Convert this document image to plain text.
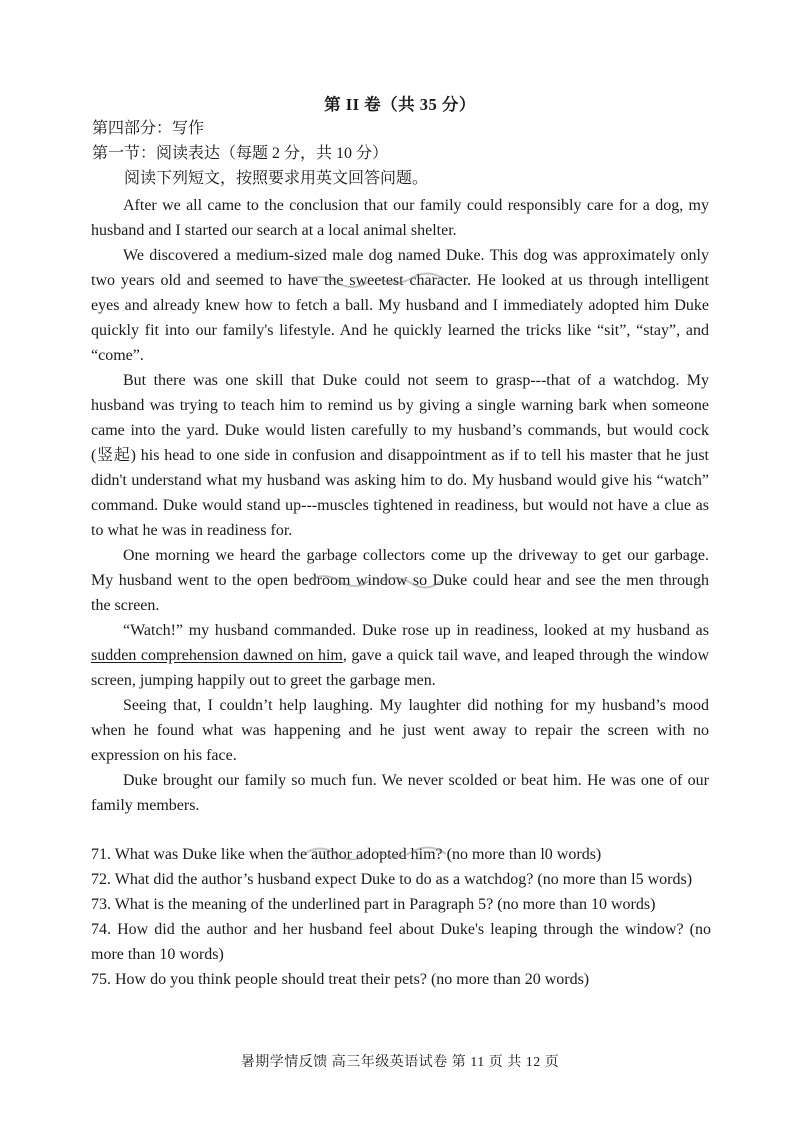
第 II 卷（共 35 分）
第四部分：写作
第一节：阅读表达（每题 2 分，共 10 分）
阅读下列短文，按照要求用英文回答问题。

After we all came to the conclusion that our family could responsibly care for a dog, my husband and I started our search at a local animal shelter.

We discovered a medium-sized male dog named Duke. This dog was approximately only two years old and seemed to have the sweetest character. He looked at us through intelligent eyes and already knew how to fetch a ball. My husband and I immediately adopted him Duke quickly fit into our family's lifestyle. And he quickly learned the tricks like “sit”, “stay”, and “come”.

But there was one skill that Duke could not seem to grasp---that of a watchdog. My husband was trying to teach him to remind us by giving a single warning bark when someone came into the yard. Duke would listen carefully to my husband’s commands, but would cock (竖起) his head to one side in confusion and disappointment as if to tell his master that he just didn't understand what my husband was asking him to do. My husband would give his “watch” command. Duke would stand up---muscles tightened in readiness, but would not have a clue as to what he was in readiness for.

One morning we heard the garbage collectors come up the driveway to get our garbage. My husband went to the open bedroom window so Duke could hear and see the men through the screen.

“Watch!” my husband commanded. Duke rose up in readiness, looked at my husband as sudden comprehension dawned on him, gave a quick tail wave, and leaped through the window screen, jumping happily out to greet the garbage men.

Seeing that, I couldn’t help laughing. My laughter did nothing for my husband’s mood when he found what was happening and he just went away to repair the screen with no expression on his face.

Duke brought our family so much fun. We never scolded or beat him. He was one of our family members.

71. What was Duke like when the author adopted him? (no more than l0 words)

72. What did the author’s husband expect Duke to do as a watchdog? (no more than l5 words)

73. What is the meaning of the underlined part in Paragraph 5? (no more than 10 words)

74. How did the author and her husband feel about Duke's leaping through the window? (no more than 10 words)

75. How do you think people should treat their pets? (no more than 20 words)

暑期学情反馈 高三年级英语试卷 第 11 页 共 12 页
